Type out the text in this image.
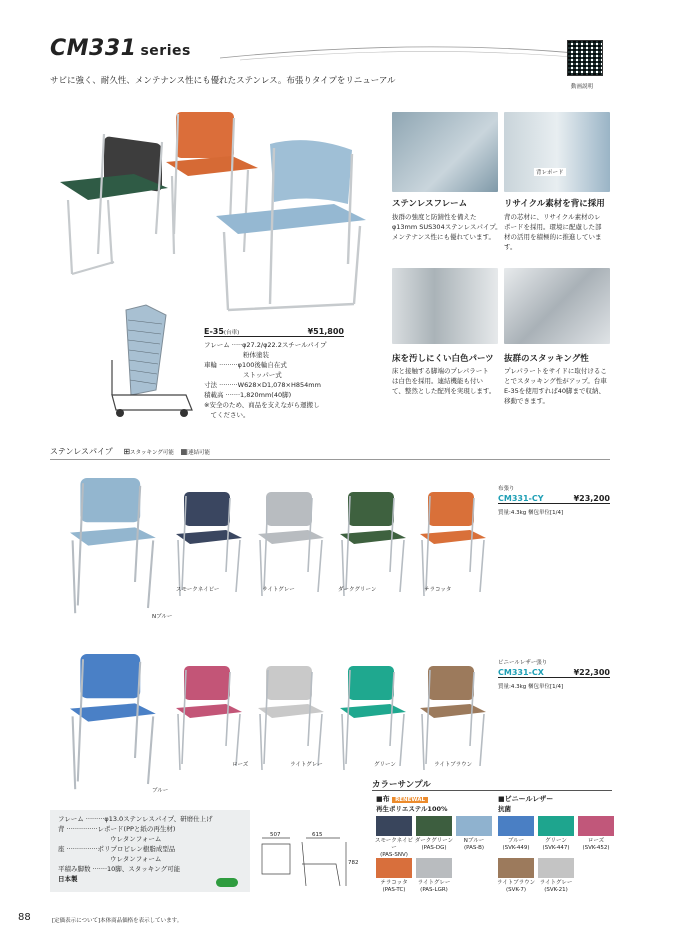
CM331 series
サビに強く、耐久性、メンテナンス性にも優れたステンレス。布張りタイプをリニューアル
動画説明
E-35(台車)	¥51,800
フレーム ·····φ27.2/φ22.2スチールパイプ
　　　　　　粉体塗装
車輪 ·········φ100後輪自在式
　　　　　　ストッパー式
寸法 ·········W628×D1,078×H854mm
積載高 ·······1,820mm(40脚)
※安全のため、商品を支えながら運搬し
　てください。
背レポード
ステンレスフレーム
抜群の強度と防錆性を備えた
φ13mm SUS304ステンレスパイプ。
メンテナンス性にも優れています。
リサイクル素材を背に採用
背の芯材に、リサイクル素材のレ
ポードを採用。環境に配慮した部
材の活用を積極的に推進していま
す。
床を汚しにくい白色パーツ
床と接触する脚端のプレパラート
は白色を採用。連結機能も付い
て、整然とした配列を実現します。
抜群のスタッキング性
プレパラートをサイドに取付けるこ
とでスタッキング性がアップ。台車
E-35を使用すれば40脚まで収納、
移動できます。
ステンレスパイプ ⊞スタッキング可能 ▦連結可能
Nブルー
スモークネイビー	ライトグレー	ダークグリーン	テラコッタ
布張り
CM331-CY	¥23,200
質量:4.3kg 梱包単位[1/4]
ブルー
ローズ	ライトグレー	グリーン	ライトブラウン
ビニールレザー張り
CM331-CX	¥22,300
質量:4.3kg 梱包単位[1/4]
カラーサンプル
■布 RENEWAL
再生ポリエステル100%
■ビニールレザー
抗菌
スモークネイビー
(PAS-SNV)
ダークグリーン
(PAS-DG)
Nブルー
(PAS-B)
テラコッタ
(PAS-TC)
ライトグレー
(PAS-LGR)
ブルー
(SVK-449)
グリーン
(SVK-447)
ローズ
(SVK-452)
ライトブラウン
(SVK-7)
ライトグレー
(SVK-21)
フレーム ·········φ13.0ステンレスパイプ、研磨仕上げ
背 ···············レポード(PPと紙の再生材)
　　　　　　　　ウレタンフォーム
座 ···············ポリプロピレン樹脂成型品
　　　　　　　　ウレタンフォーム
平積み脚数 ·······10脚、スタッキング可能
日本製
507	615
782
88	[定価表示について]本体商品価格を表示しています。
